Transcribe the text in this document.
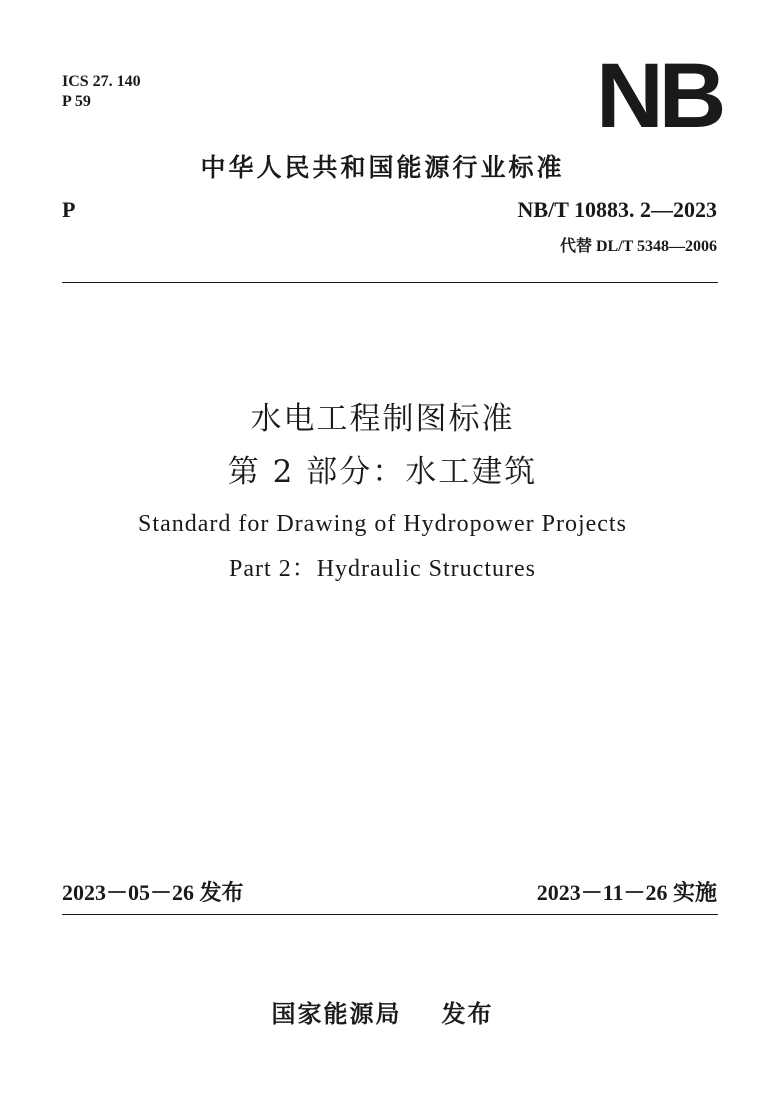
ICS 27. 140
P 59	NB
中华人民共和国能源行业标准
P	NB/T 10883. 2—2023
代替 DL/T 5348—2006
水电工程制图标准
第 2 部分：水工建筑
Standard for Drawing of Hydropower Projects
Part 2：Hydraulic Structures
2023－05－26 发布	2023－11－26 实施
国家能源局 发布
